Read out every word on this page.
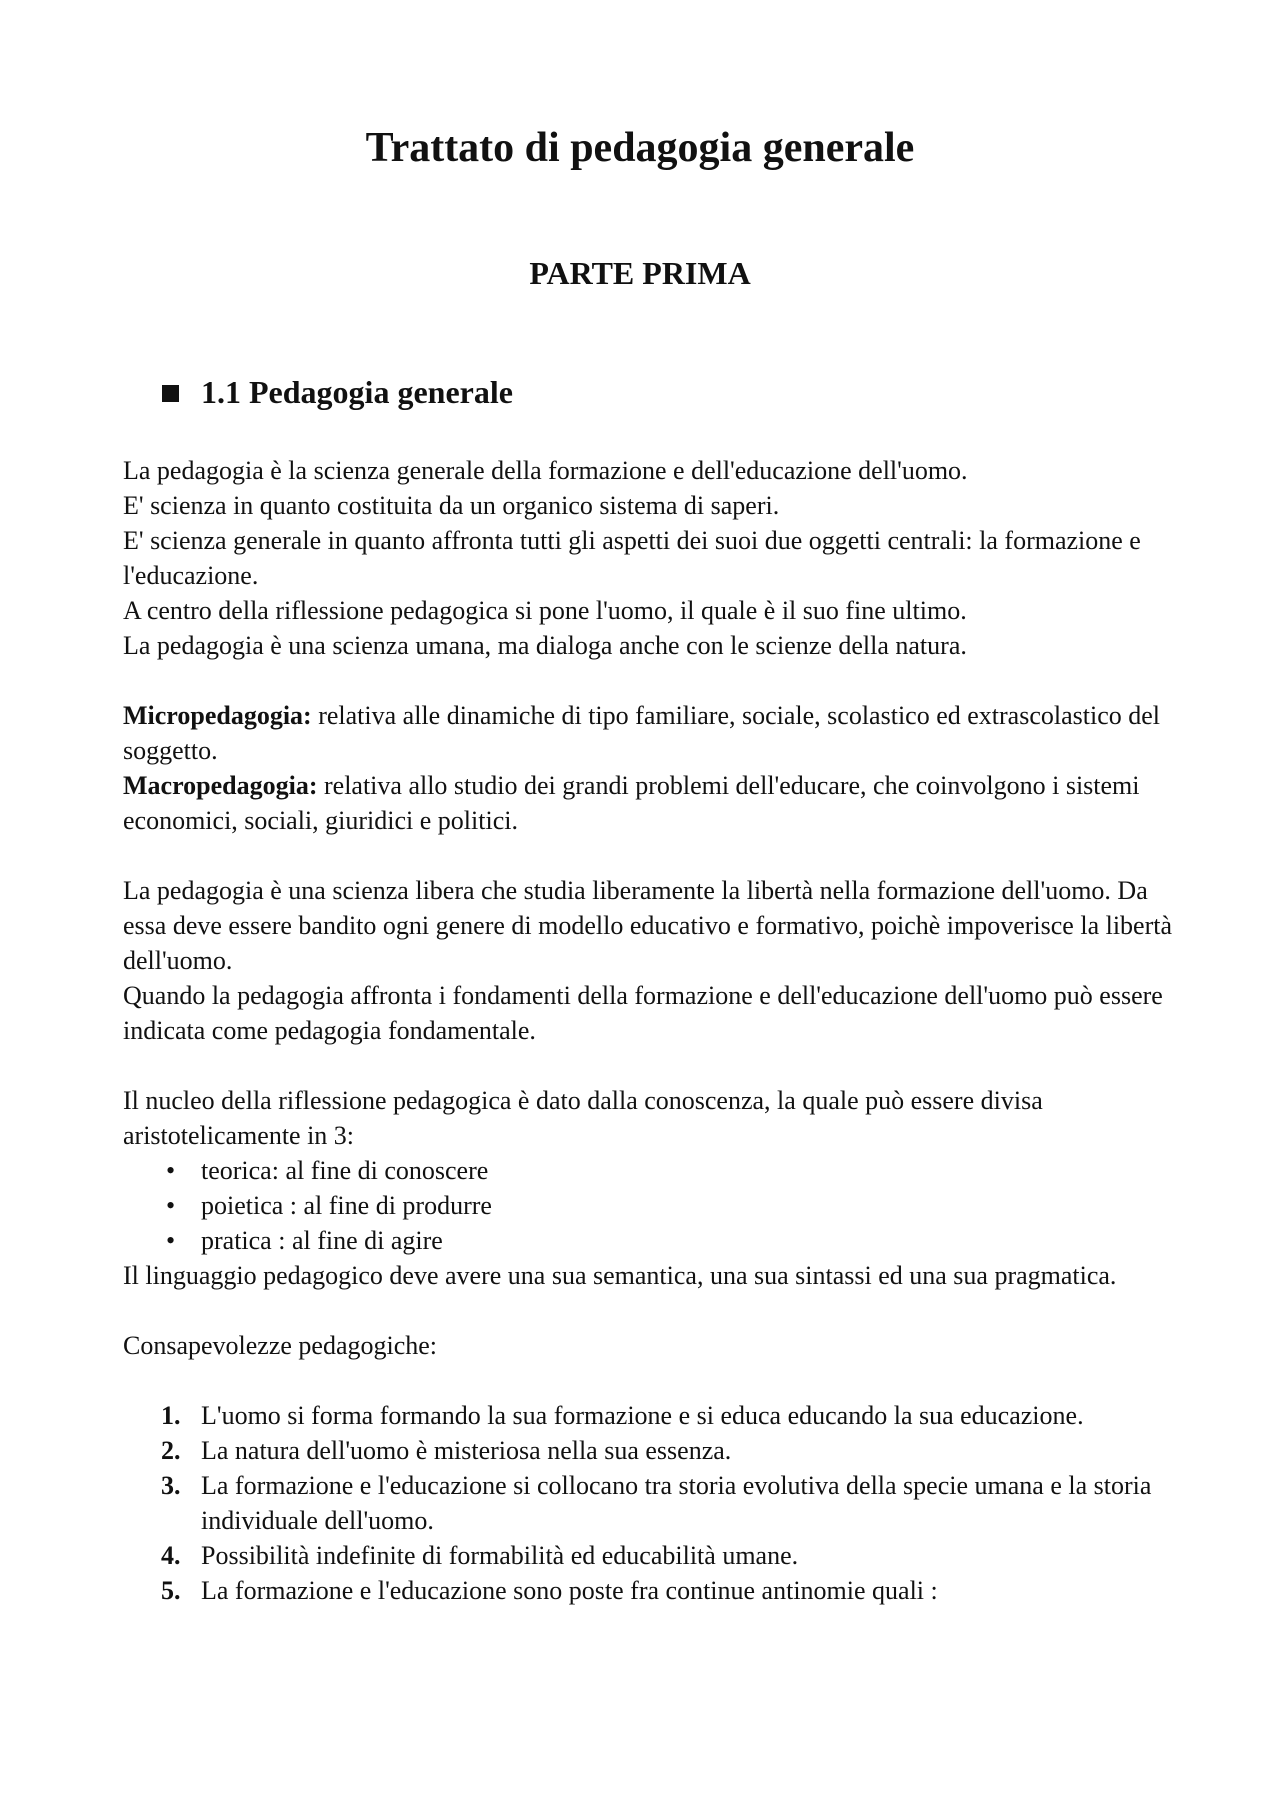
Trattato di pedagogia generale
PARTE PRIMA
1.1 Pedagogia generale

La pedagogia è la scienza generale della formazione e dell'educazione dell'uomo.

E' scienza in quanto costituita da un organico sistema di saperi.

E' scienza generale in quanto affronta tutti gli aspetti dei suoi due oggetti centrali: la formazione e l'educazione.

A centro della riflessione pedagogica si pone l'uomo, il quale è il suo fine ultimo.

La pedagogia è una scienza umana, ma dialoga anche con le scienze della natura.

Micropedagogia: relativa alle dinamiche di tipo familiare, sociale, scolastico ed extrascolastico del soggetto.

Macropedagogia: relativa allo studio dei grandi problemi dell'educare, che coinvolgono i sistemi economici, sociali, giuridici e politici.

La pedagogia è una scienza libera che studia liberamente la libertà nella formazione dell'uomo. Da essa deve essere bandito ogni genere di modello educativo e formativo, poichè impoverisce la libertà dell'uomo.

Quando la pedagogia affronta i fondamenti della formazione e dell'educazione dell'uomo può essere indicata come pedagogia fondamentale.

Il nucleo della riflessione pedagogica è dato dalla conoscenza, la quale può essere divisa aristotelicamente in 3:

• teorica: al fine di conoscere
• poietica : al fine di produrre
• pratica : al fine di agire

Il linguaggio pedagogico deve avere una sua semantica, una sua sintassi ed una sua pragmatica.

Consapevolezze pedagogiche:

1. L'uomo si forma formando la sua formazione e si educa educando la sua educazione.
2. La natura dell'uomo è misteriosa nella sua essenza.
3. La formazione e l'educazione si collocano tra storia evolutiva della specie umana e la storia individuale dell'uomo.
4. Possibilità indefinite di formabilità ed educabilità umane.
5. La formazione e l'educazione sono poste fra continue antinomie quali :
